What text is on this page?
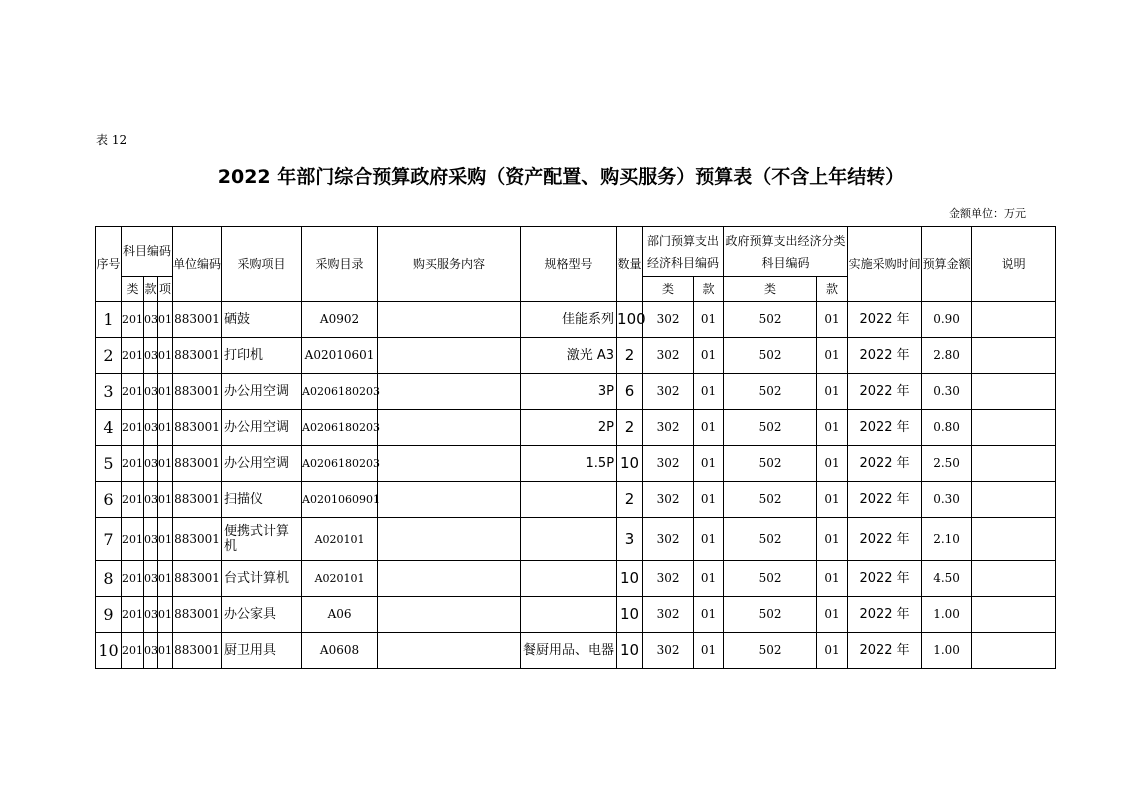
表 12
2022 年部门综合预算政府采购（资产配置、购买服务）预算表（不含上年结转）
金额单位：万元
序号	科目编码			单位编码	采购项目	采购目录	购买服务内容	规格型号	数量	部门预算支出经济科目编码		政府预算支出经济分类科目编码		实施采购时间	预算金额	说明
	类	款	项							类	款	类	款			
1	201	03	01	883001	硒鼓	A0902		佳能系列	100	302	01	502	01	2022 年	0.90	
2	201	03	01	883001	打印机	A02010601		激光 A3	2	302	01	502	01	2022 年	2.80	
3	201	03	01	883001	办公用空调	A0206180203		3P	6	302	01	502	01	2022 年	0.30	
4	201	03	01	883001	办公用空调	A0206180203		2P	2	302	01	502	01	2022 年	0.80	
5	201	03	01	883001	办公用空调	A0206180203		1.5P	10	302	01	502	01	2022 年	2.50	
6	201	03	01	883001	扫描仪	A0201060901			2	302	01	502	01	2022 年	0.30	
7	201	03	01	883001	便携式计算机	A020101			3	302	01	502	01	2022 年	2.10	
8	201	03	01	883001	台式计算机	A020101			10	302	01	502	01	2022 年	4.50	
9	201	03	01	883001	办公家具	A06			10	302	01	502	01	2022 年	1.00	
10	201	03	01	883001	厨卫用具	A0608		餐厨用品、电器	10	302	01	502	01	2022 年	1.00	
